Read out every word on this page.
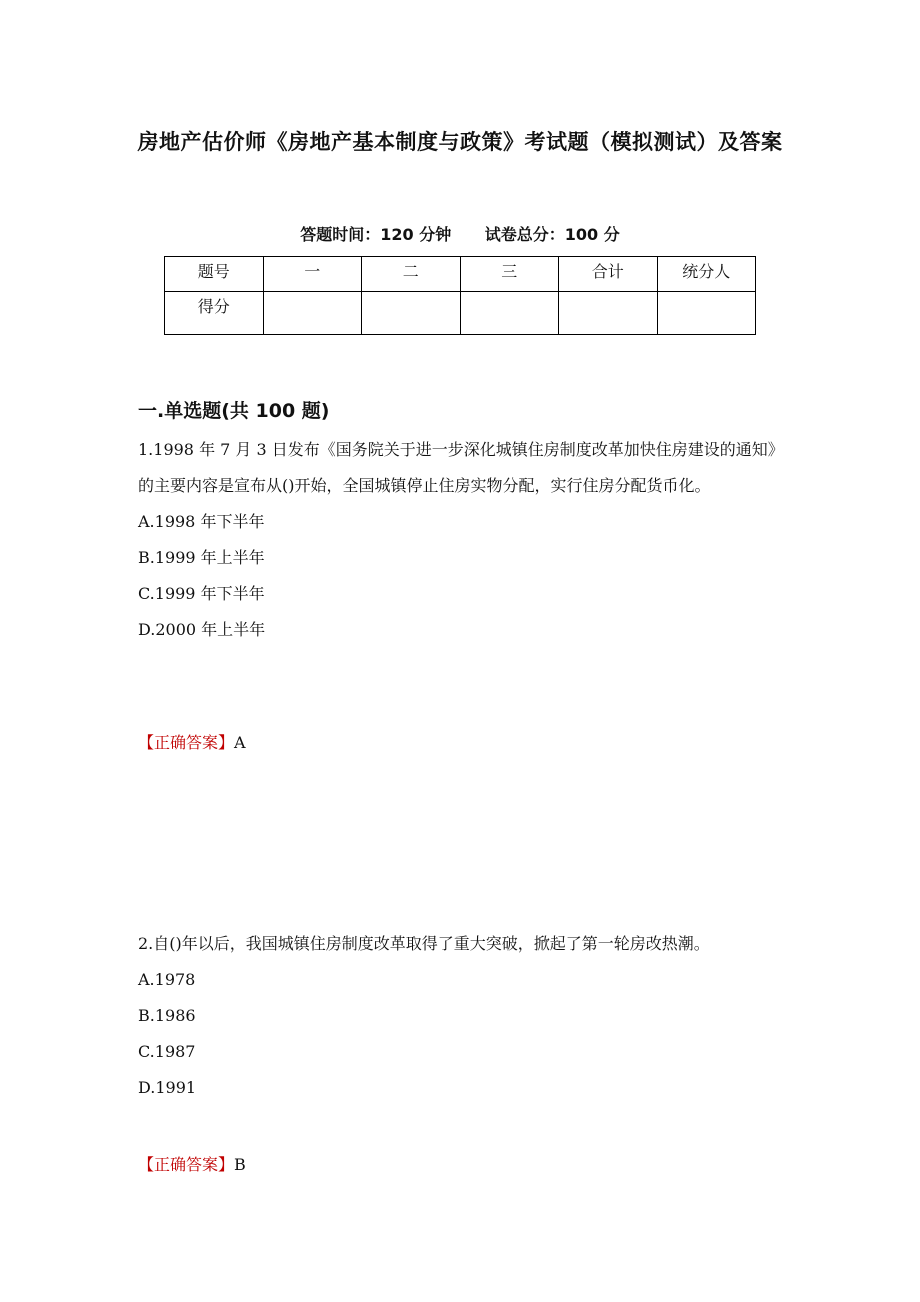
房地产估价师《房地产基本制度与政策》考试题（模拟测试）及答案
答题时间：120 分钟 试卷总分：100 分
题号	一	二	三	合计	统分人
得分					
一.单选题(共 100 题)
1.1998 年 7 月 3 日发布《国务院关于进一步深化城镇住房制度改革加快住房建设的通知》的主要内容是宣布从()开始，全国城镇停止住房实物分配，实行住房分配货币化。
A.1998 年下半年
B.1999 年上半年
C.1999 年下半年
D.2000 年上半年
【正确答案】A
2.自()年以后，我国城镇住房制度改革取得了重大突破，掀起了第一轮房改热潮。
A.1978
B.1986
C.1987
D.1991
【正确答案】B
